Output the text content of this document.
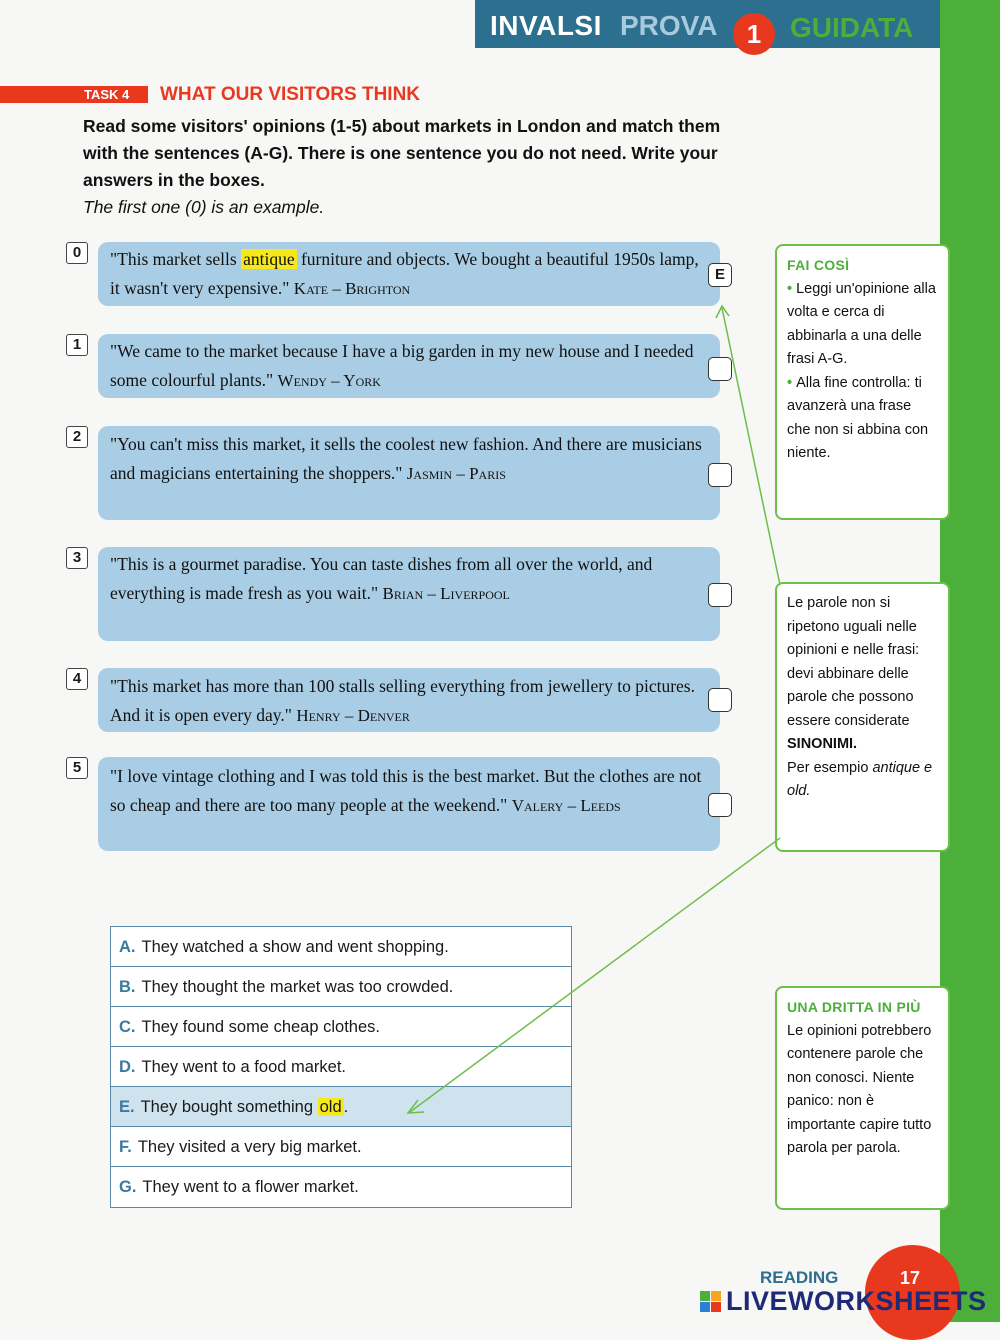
INVALSI PROVA	1	GUIDATA
TASK 4 WHAT OUR VISITORS THINK
Read some visitors' opinions (1-5) about markets in London and match them with the sentences (A-G). There is one sentence you do not need. Write your answers in the boxes.
The first one (0) is an example.
0	"This market sells antique furniture and objects. We bought a beautiful 1950s lamp, it wasn't very expensive." Kate – Brighton
E
1	"We came to the market because I have a big garden in my new house and I needed some colourful plants." Wendy – York
2	"You can't miss this market, it sells the coolest new fashion. And there are musicians and magicians entertaining the shoppers." Jasmin – Paris
3	"This is a gourmet paradise. You can taste dishes from all over the world, and everything is made fresh as you wait." Brian – Liverpool
4	"This market has more than 100 stalls selling everything from jewellery to pictures. And it is open every day." Henry – Denver
5	"I love vintage clothing and I was told this is the best market. But the clothes are not so cheap and there are too many people at the weekend." Valery – Leeds
A. They watched a show and went shopping.
B. They thought the market was too crowded.
C. They found some cheap clothes.
D. They went to a food market.
E. They bought something old .
F. They visited a very big market.
G. They went to a flower market.
FAI COSÌ
• Leggi un'opinione alla volta e cerca di abbinarla a una delle frasi A-G.
• Alla fine controlla: ti avanzerà una frase che non si abbina con niente.
Le parole non si ripetono uguali nelle opinioni e nelle frasi: devi abbinare delle parole che possono essere considerate SINONIMI.
Per esempio antique e old.
UNA DRITTA IN PIÙ
Le opinioni potrebbero contenere parole che non conosci. Niente panico: non è importante capire tutto parola per parola.
READING	17
LIVEWORKSHEETS
